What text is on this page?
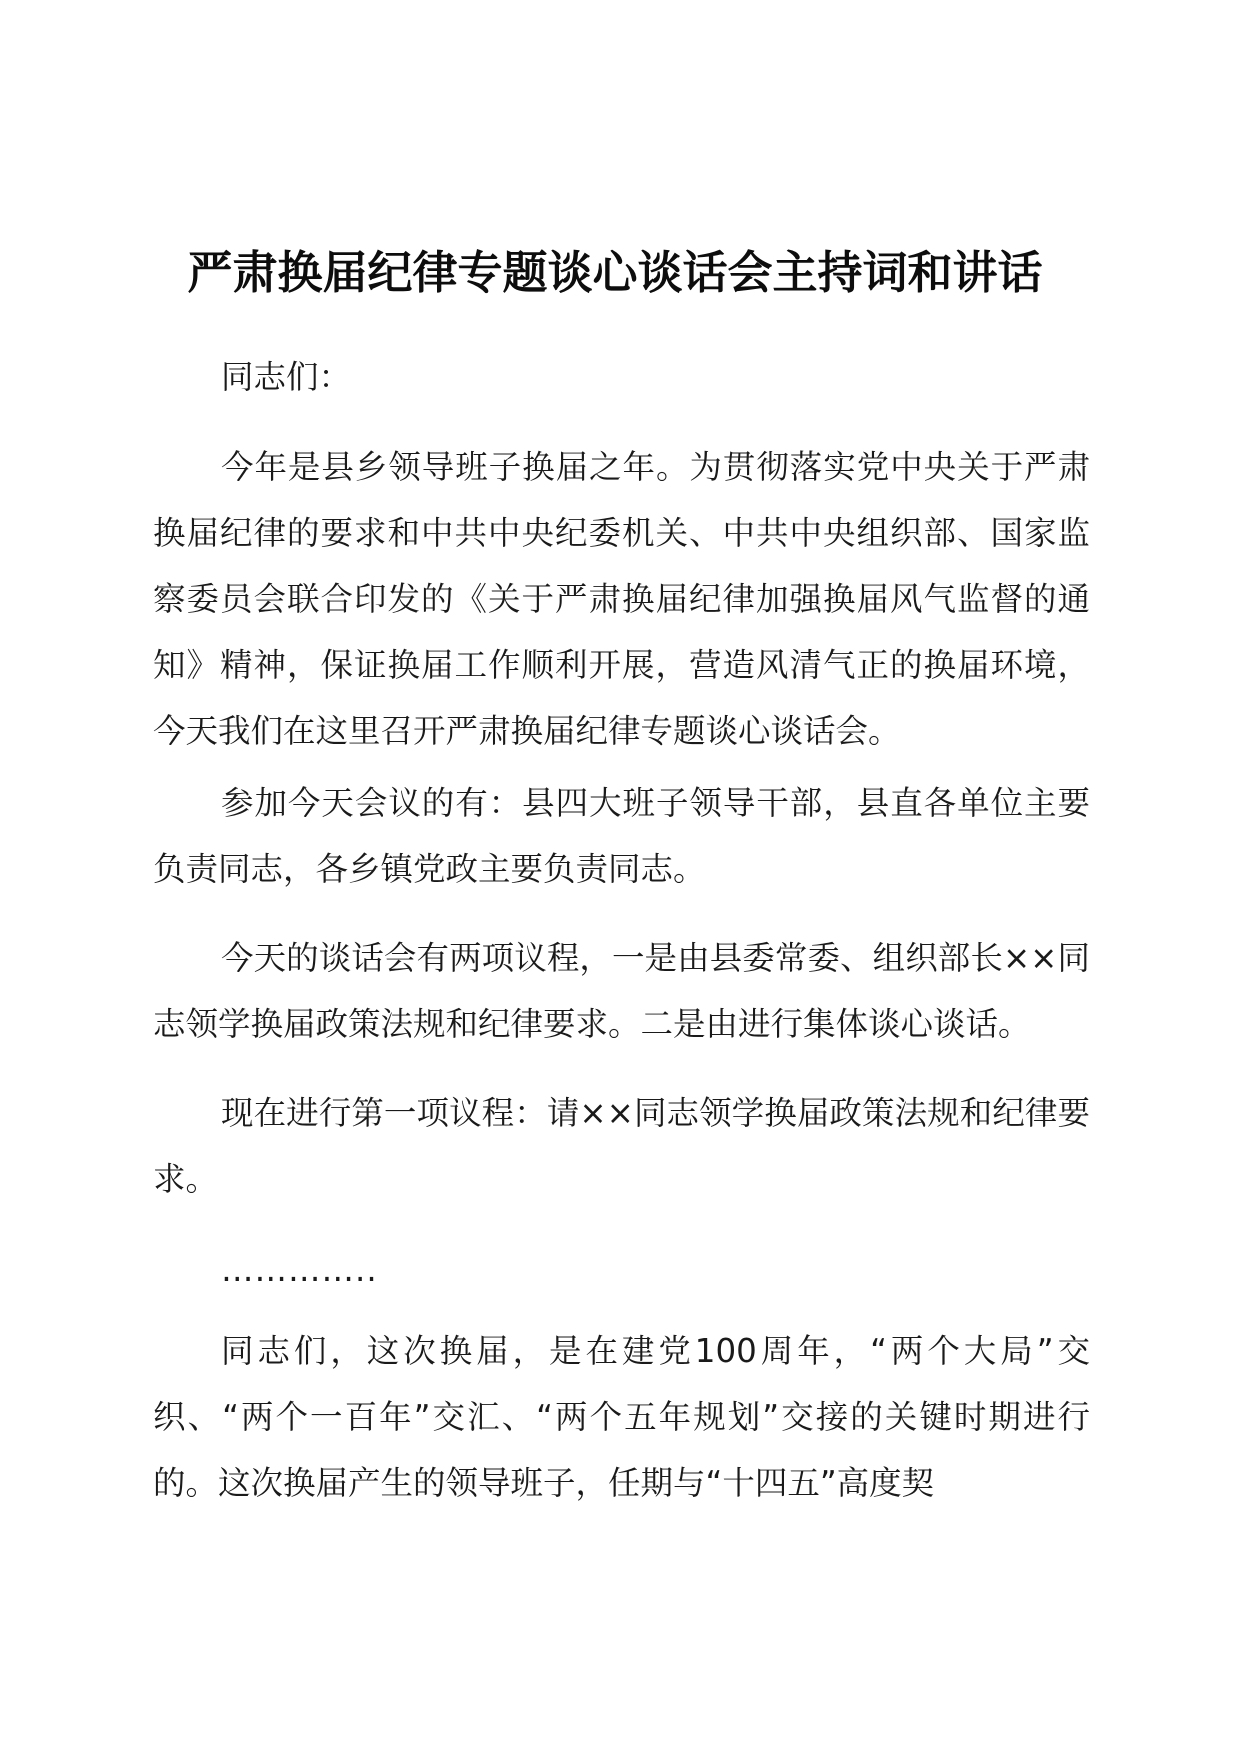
严肃换届纪律专题谈心谈话会主持词和讲话

同志们：

今年是县乡领导班子换届之年。为贯彻落实党中央关于严肃换届纪律的要求和中共中央纪委机关、中共中央组织部、国家监察委员会联合印发的《关于严肃换届纪律加强换届风气监督的通知》精神，保证换届工作顺利开展，营造风清气正的换届环境，今天我们在这里召开严肃换届纪律专题谈心谈话会。

参加今天会议的有：县四大班子领导干部，县直各单位主要负责同志，各乡镇党政主要负责同志。

今天的谈话会有两项议程，一是由县委常委、组织部长××同志领学换届政策法规和纪律要求。二是由进行集体谈心谈话。

现在进行第一项议程：请××同志领学换届政策法规和纪律要求。

…………..

同志们，这次换届，是在建党100周年，“两个大局”交织、“两个一百年”交汇、“两个五年规划”交接的关键时期进行的。这次换届产生的领导班子，任期与“十四五”高度契
